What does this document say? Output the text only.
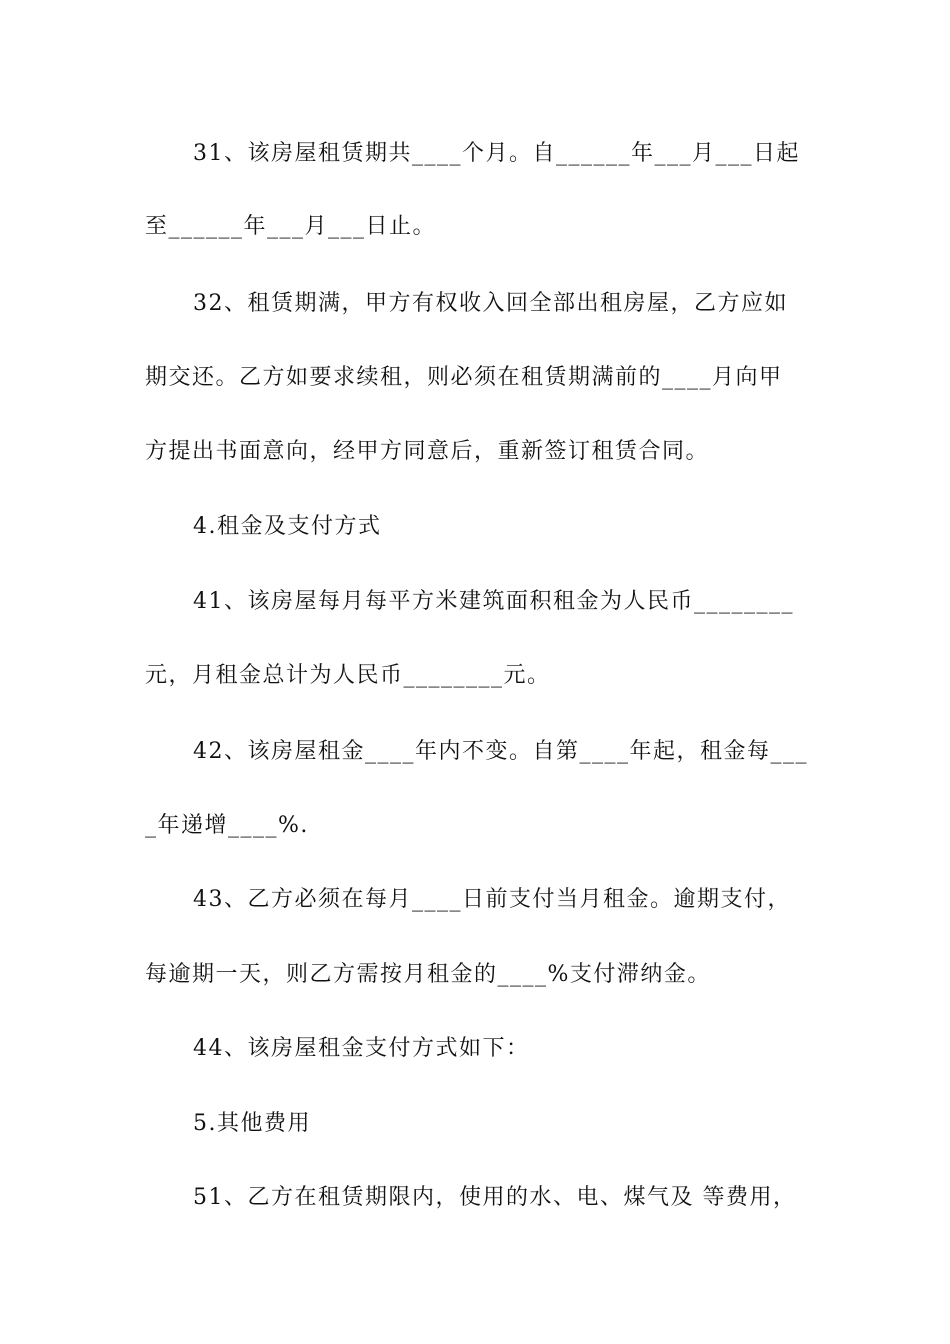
31、该房屋租赁期共____个月。自______年___月___日起
至______年___月___日止。
32、租赁期满，甲方有权收入回全部出租房屋，乙方应如
期交还。乙方如要求续租，则必须在租赁期满前的____月向甲
方提出书面意向，经甲方同意后，重新签订租赁合同。
4.租金及支付方式
41、该房屋每月每平方米建筑面积租金为人民币________
元，月租金总计为人民币________元。
42、该房屋租金____年内不变。自第____年起，租金每___
_年递增____%.
43、乙方必须在每月____日前支付当月租金。逾期支付，
每逾期一天，则乙方需按月租金的____%支付滞纳金。
44、该房屋租金支付方式如下：
5.其他费用
51、乙方在租赁期限内，使用的水、电、煤气及 等费用，
